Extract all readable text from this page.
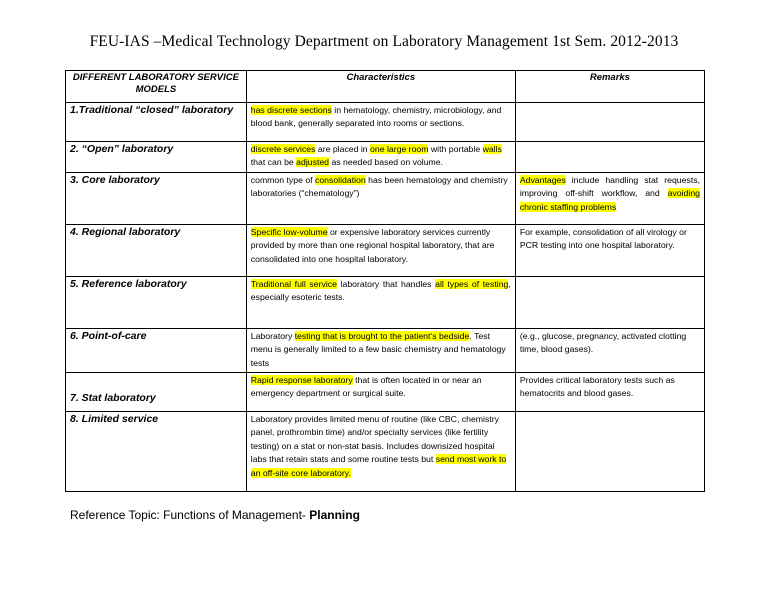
FEU-IAS –Medical Technology Department on Laboratory Management 1st Sem. 2012-2013
DIFFERENT LABORATORY SERVICE MODELS	Characteristics	Remarks
1.Traditional “closed” laboratory	has discrete sections in hematology, chemistry, microbiology, and blood bank, generally separated into rooms or sections.	
2. “Open” laboratory	discrete services are placed in one large room with portable walls that can be adjusted as needed based on volume.	
3. Core laboratory	common type of consolidation has been hematology and chemistry laboratories (“chematology”)	Advantages include handling stat requests, improving off-shift workflow, and avoiding chronic staffing problems
4. Regional laboratory	Specific low-volume or expensive laboratory services currently provided by more than one regional hospital laboratory, that are consolidated into one hospital laboratory.	For example, consolidation of all virology or PCR testing into one hospital laboratory.
5. Reference laboratory	Traditional full service laboratory that handles all types of testing, especially esoteric tests.	
6. Point-of-care	Laboratory testing that is brought to the patient’s bedside. Test menu is generally limited to a few basic chemistry and hematology tests	(e.g., glucose, pregnancy, activated clotting time, blood gases).
7. Stat laboratory	Rapid response laboratory that is often located in or near an emergency department or surgical suite.	Provides critical laboratory tests such as hematocrits and blood gases.
8. Limited service	Laboratory provides limited menu of routine (like CBC, chemistry panel, prothrombin time) and/or specialty services (like fertility testing) on a stat or non-stat basis. Includes downsized hospital labs that retain stats and some routine tests but send most work to an off-site core laboratory.	
Reference Topic: Functions of Management- Planning
